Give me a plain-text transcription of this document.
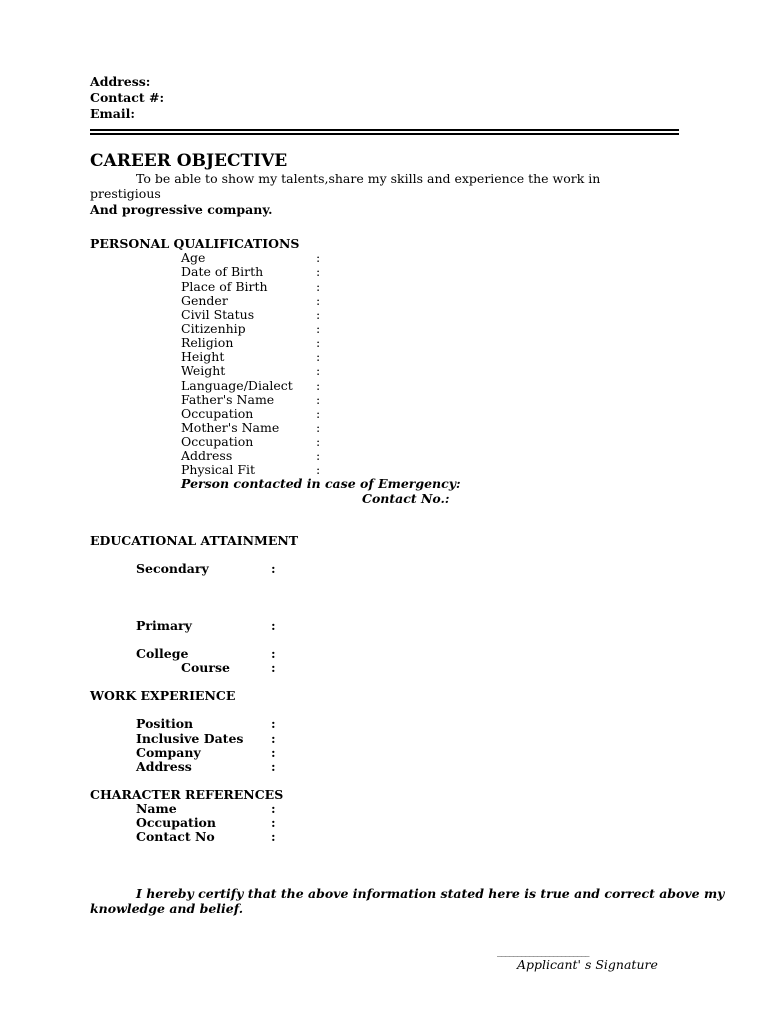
Address:
Contact #:
Email:
CAREER OBJECTIVE
To be able to show my talents,share my skills and experience the work in
prestigious
And progressive company.
PERSONAL QUALIFICATIONS
Age	:
Date of Birth	:
Place of Birth	:
Gender	:
Civil Status	:
Citizenhip	:
Religion	:
Height	:
Weight	:
Language/Dialect :
Father's Name	:
Occupation	:
Mother's Name	:
Occupation	:
Address	:
Physical Fit	:
Person contacted in case of Emergency:
Contact No.:
EDUCATIONAL ATTAINMENT
Secondary	:
Primary	:
College	:
Course	:
WORK EXPERIENCE
Position	:
Inclusive Dates :
Company	:
Address	:
CHARACTER REFERENCES
Name	:
Occupation	:
Contact No	:
I hereby certify that the above information stated here is true and correct above my
knowledge and belief.
_______________________
Applicant' s Signature
